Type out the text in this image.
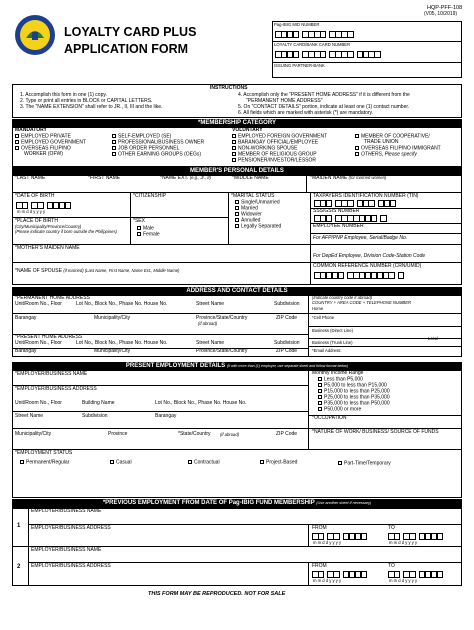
LOYALTY CARD PLUS
APPLICATION FORM
HQP-PFF-108
(V05, 10/2019)
Pag-IBIG MID NUMBER
LOYALTY CARD/BANK CARD NUMBER
ISSUING PARTNER-BANK
INSTRUCTIONS
1. Accomplish this form in one (1) copy.
2. Type or print all entries in BLOCK or CAPITAL LETTERS.
3. The "NAME EXTENSION" shall refer to JR., II, III and the like.
4. Accomplish only the "PRESENT HOME ADDRESS" if it is different from the
"PERMANENT HOME ADDRESS"
5. On "CONTACT DETAILS" portion, indicate at least one (1) contact number.
6. All fields which are marked with asterisk (*) are mandatory.
*MEMBERSHIP CATEGORY
MANDATORY	VOLUNTARY
EMPLOYED PRIVATE
EMPLOYED GOVERNMENT
OVERSEAS FILIPINO
WORKER (OFW)
SELF-EMPLOYED (SE)
PROFESSIONAL/BUSINESS OWNER
JOB ORDER PERSONNEL
OTHER EARNING GROUPS (OEGs)
EMPLOYED FOREIGN GOVERNMENT
BARANGAY OFFICIAL/EMPLOYEE
NON-WORKING SPOUSE
MEMBER OF RELIGIOUS GROUP
PENSIONER/INVESTOR/LESSOR
MEMBER OF COOPERATIVE/
TRADE UNION
OVERSEAS FILIPINO IMMIGRANT
OTHERS, Please specify
MEMBER'S PERSONAL DETAILS
*LAST NAME	*FIRST NAME	*NAME EXT. (e.g., Jr., II)	*MIDDLE NAME	*MAIDEN NAME (for married women)
*DATE OF BIRTH
m m d d y y y y
*PLACE OF BIRTH
(City/Municipality/Province/Country)
(Please indicate country if born outside the Philippines)
*CITIZENSHIP
*SEX
Male
Female
*MARITAL STATUS
Single/Unmarried
Married
Widow/er
Annulled
Legally Separated
TAXPAYERS IDENTIFICATION NUMBER (TIN)
SSS/GSIS NUMBER
EMPLOYEE NUMBER
For AFP/PNP Employee, Serial/Badge No.
*MOTHER'S MAIDEN NAME
For DepEd Employee, Division Code-Station Code
COMMON REFERENCE NUMBER (CRN/UMID)
*NAME OF SPOUSE (if married) (Last Name, First Name, Name Ext., Middle Name)
ADDRESS AND CONTACT DETAILS
*PERMANENT HOME ADDRESS
Unit/Room No., Floor	Lot No., Block No., Phase No. House No.	Street Name	Subdivision
Barangay	Municipality/City	Province/State/Country
(if abroad)
ZIP Code
*PRESENT HOME ADDRESS
Unit/Room No., Floor	Lot No., Block No., Phase No. House No.	Street Name	Subdivision
Barangay	Municipality/City	Province/State/Country	ZIP Code
(Indicate country code if abroad)
COUNTRY + AREA CODE + TELEPHONE NUMBER
Home
*Cell Phone
Business (Direct Line)
Business (Trunk Line)
Local
*Email Address:
PRESENT EMPLOYMENT DETAILS (If with more than (1) employer, use separate sheet and follow format below)
*EMPLOYER/BUSINESS NAME
*EMPLOYER/BUSINESS ADDRESS
Unit/Room No., Floor	Building Name	Lot No., Block No., Phase No. House No.
Street Name	Subdivision	Barangay
Municipality/City	Province	*State/Country (if abroad)	ZIP Code
Monthly Income Range
Less than P5,000
P5,000 to less than P15,000
P15,000 to less than P25,000
P25,000 to less than P35,000
P35,000 to less than P50,000
P50,000 or more
*OCCUPATION
*NATURE OF WORK/ BUSINESS/ SOURCE OF FUNDS
*EMPLOYMENT STATUS
Permanent/Regular	Casual	Contractual	Project-Based	Part-Time/Temporary
*PREVIOUS EMPLOYMENT FROM DATE OF Pag-IBIG FUND MEMBERSHIP (Use another sheet if necessary)
1
EMPLOYER/BUSINESS NAME
EMPLOYER/BUSINESS ADDRESS	FROM	TO
m m d d y y y y	m m d d y y y y
2
EMPLOYER/BUSINESS NAME
EMPLOYER/BUSINESS ADDRESS	FROM	TO
m m d d y y y y	m m d d y y y y
THIS FORM MAY BE REPRODUCED. NOT FOR SALE
